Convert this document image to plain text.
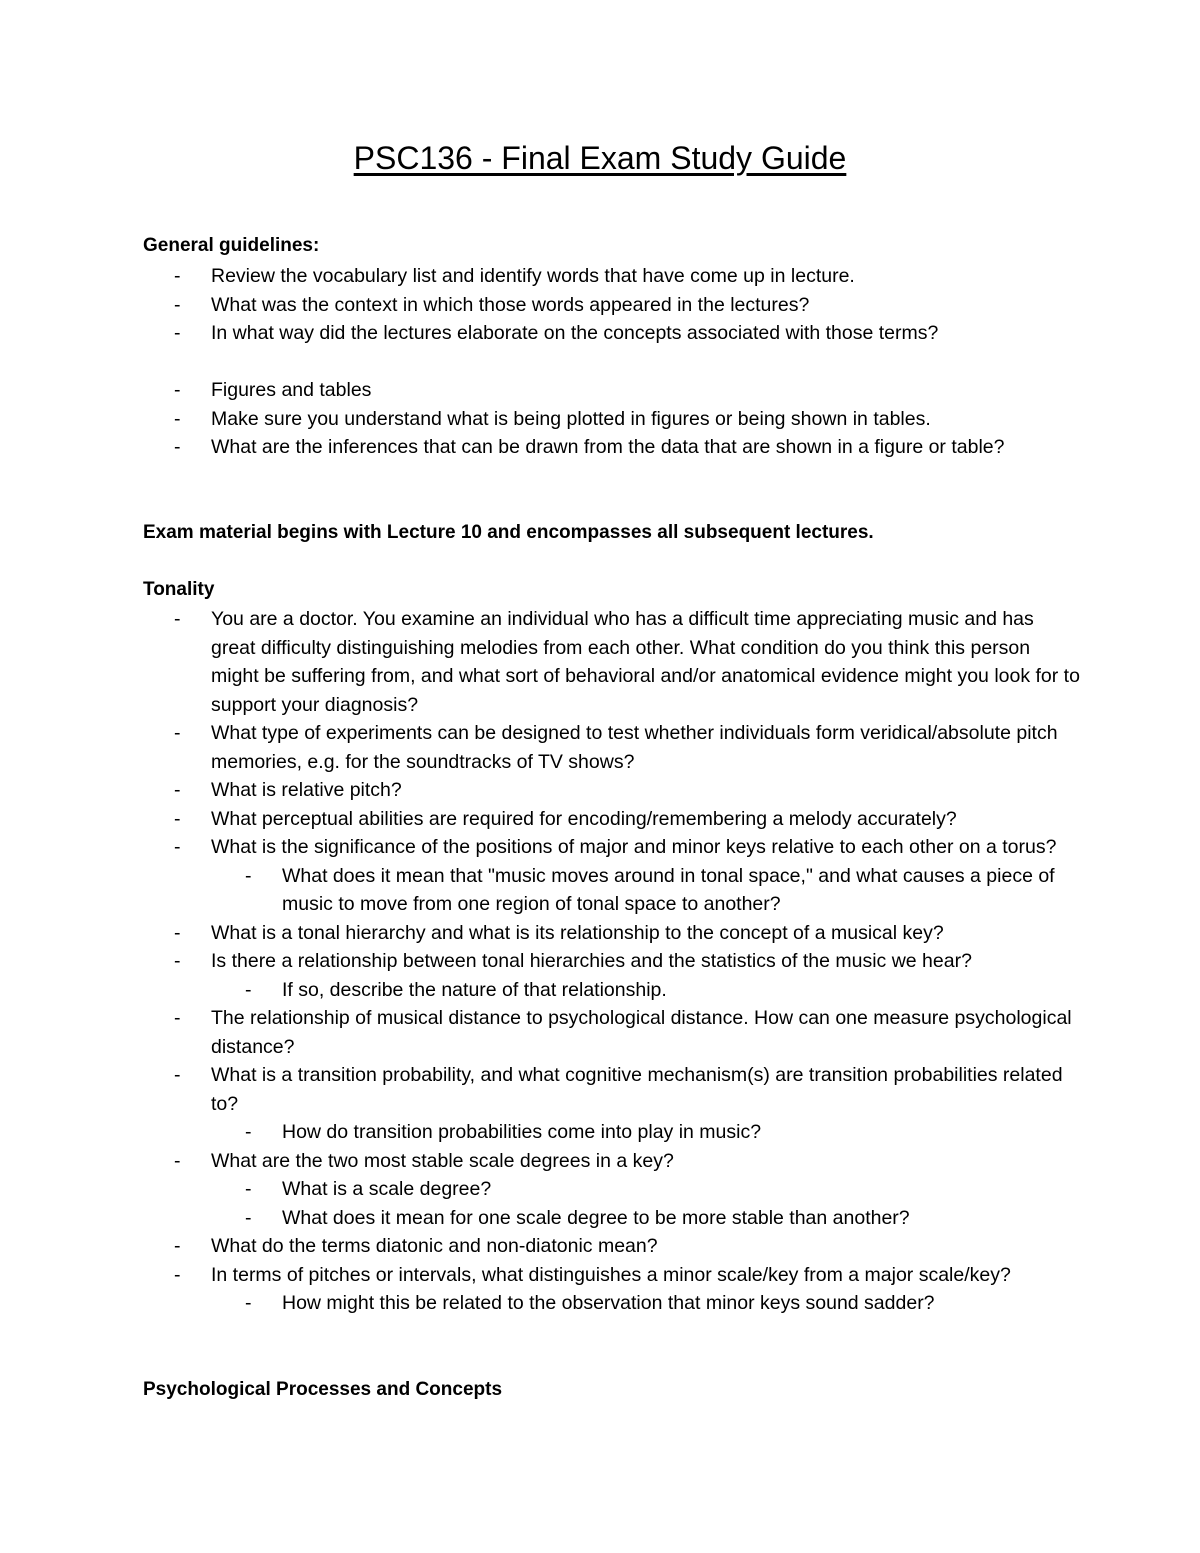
PSC136 - Final Exam Study Guide
General guidelines:
- Review the vocabulary list and identify words that have come up in lecture.
- What was the context in which those words appeared in the lectures?
- In what way did the lectures elaborate on the concepts associated with those terms?
- Figures and tables
- Make sure you understand what is being plotted in figures or being shown in tables.
- What are the inferences that can be drawn from the data that are shown in a figure or table?
Exam material begins with Lecture 10 and encompasses all subsequent lectures.
Tonality
- You are a doctor. You examine an individual who has a difficult time appreciating music and has great difficulty distinguishing melodies from each other. What condition do you think this person might be suffering from, and what sort of behavioral and/or anatomical evidence might you look for to support your diagnosis?
- What type of experiments can be designed to test whether individuals form veridical/absolute pitch memories, e.g. for the soundtracks of TV shows?
- What is relative pitch?
- What perceptual abilities are required for encoding/remembering a melody accurately?
- What is the significance of the positions of major and minor keys relative to each other on a torus?
- What does it mean that "music moves around in tonal space," and what causes a piece of music to move from one region of tonal space to another?
- What is a tonal hierarchy and what is its relationship to the concept of a musical key?
- Is there a relationship between tonal hierarchies and the statistics of the music we hear?
- If so, describe the nature of that relationship.
- The relationship of musical distance to psychological distance. How can one measure psychological distance?
- What is a transition probability, and what cognitive mechanism(s) are transition probabilities related to?
- How do transition probabilities come into play in music?
- What are the two most stable scale degrees in a key?
- What is a scale degree?
- What does it mean for one scale degree to be more stable than another?
- What do the terms diatonic and non-diatonic mean?
- In terms of pitches or intervals, what distinguishes a minor scale/key from a major scale/key?
- How might this be related to the observation that minor keys sound sadder?
Psychological Processes and Concepts
